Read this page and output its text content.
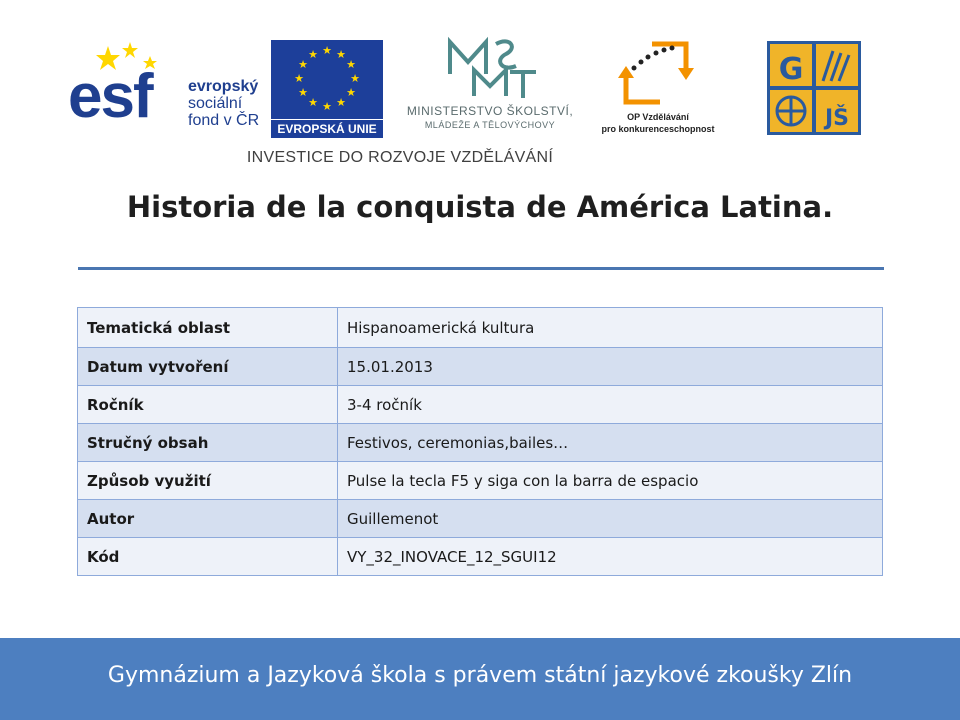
esf evropský
sociální
fond v ČR
★ ★
★
★
★
★
★
★
★
★
★
★
EVROPSKÁ UNIE
MINISTERSTVO ŠKOLSTVÍ,
MLÁDEŽE A TĚLOVÝCHOVY
OP Vzdělávání
pro konkurenceschopnost
G
JŠ
INVESTICE DO ROZVOJE VZDĚLÁVÁNÍ
Historia de la conquista de América Latina.
Tematická oblast	Hispanoamerická kultura
Datum vytvoření	15.01.2013
Ročník	3-4 ročník
Stručný obsah	Festivos, ceremonias,bailes…
Způsob využití	Pulse la tecla F5 y siga con la barra de espacio
Autor	Guillemenot
Kód	VY_32_INOVACE_12_SGUI12
Gymnázium a Jazyková škola s právem státní jazykové zkoušky Zlín
